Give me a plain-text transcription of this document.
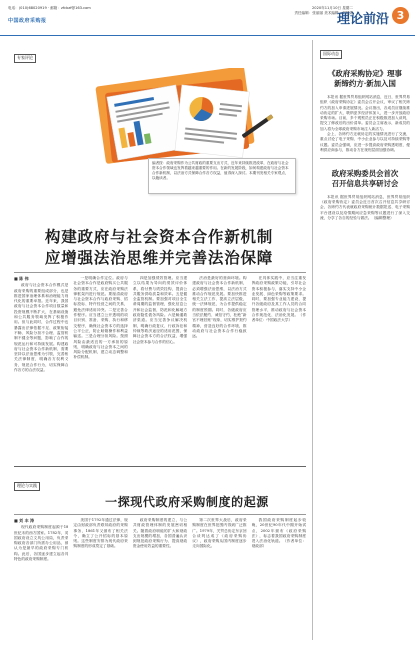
电话：(010)68020919 · 邮箱：zfcbzf@163.com
中国政府采购报
2020年11月10日 星期二
责任编辑：张丽丽 美术编辑：刘媛媛
理论前沿 3
专家评论
编者按：政府采购作为公共财政的重要支出方式，近年来持续推进改革，在政府与社会资本合作领域也发挥着越来越重要的作用。在新的发展阶段，如何构建政府与社会资本合作新机制，以法治方式保障合作各方权益，值得深入探讨。本期刊发相关专家观点，以飨读者。
构建政府与社会资本合作新机制
应增强法治思维并完善法治保障
■ 陈 伟

政府与社会资本合作模式是政府采购的重要组成部分，也是推进国家治理体系和治理能力现代化的重要举措。近年来，我国政府与社会资本合作项目数量和投资规模不断扩大，在基础设施和公共服务领域发挥了积极作用。但与此同时，合作过程中也暴露出法律依据不足、政策衔接不畅、风险分担不合理、监管机制不健全等问题，影响了合作的规范运行和可持续发展。构建政府与社会资本合作新机制，需要坚持以法治思维为引领，完善相关法律制度，明确各方权利义务，规范合作行为，切实保障合作各方的合法权益。

一是明确合作定位。政府与社会资本合作是政府购买公共服务的重要方式，应在政府采购法律框架内进行规范。要厘清政府与社会资本合作与政府采购、招标投标、特许经营之间的关系，避免法律适用冲突。二是完善合作程序。应当建立公开透明的项目识别、准备、采购、执行和移交程序，确保社会资本方的选择公平公正，防止暗箱操作和利益输送。三是合理分担风险。按照风险由最适宜的一方承担的原则，明确政府与社会资本之间的风险分配机制，建立动态调整和补偿机制。

四是加强绩效管理。应当建立以结果为导向的绩效评价体系，将付费与绩效挂钩，提高公共服务供给质量和效率。五是健全监管机制。要加强对项目全生命周期的监督管理，强化信息公开和社会监督，防范和化解地方政府隐性债务风险。六是畅通救济渠道。应当完善争议解决机制，明确行政复议、行政诉讼和仲裁等救济途径的适用范围，保障社会资本方的合法权益，增强社会资本参与合作的信心。

法治是最好的营商环境。构建政府与社会资本合作新机制，必须增强法治思维，以法治方式推动合作规范发展。要加快推进相关立法工作，提高立法层级，统一法律规范，为合作提供稳定的制度预期。同时，各级政府应当依法履约、诚信守约，杜绝“新官不理旧账”现象，切实维护契约精神，营造良好的合作环境，推动政府与社会资本合作行稳致远。

在具体实践中，应当注重发挥政府采购政策功能，引导社会资本积极参与，落实支持中小企业发展、绿色采购等政策要求。同时，要加强专业能力建设，提升各级政府及其工作人员的合同管理水平，推动政府与社会资本合作规范化、法治化发展。（作者单位：中国政法大学）

理论与实践
一探现代政府采购制度的起源
■ 刘 丰 涛

现代政府采购制度起源于18世纪末的西方国家。1782年，英国政府设立文具公用局，负责采购政府各部门所需办公用品，被认为是最早的政府采购专门机构。此后，各国逐步建立起各具特色的政府采购制度。

美国于1792年通过法律，规定由财政部负责联邦政府的采购事务，1861年又颁布了相关法令，确立了公开招标的基本原则。这些制度安排为现代政府采购制度的形成奠定了基础。

政府采购制度的建立，与公共财政管理体制的发展密切相关。随着政府职能的扩大和财政支出规模的增加，各国普遍认识到规范政府采购行为、提高财政资金使用效益的重要性。

第二次世界大战后，政府采购制度在世界范围内得到广泛推广。1979年，关贸总协定东京回合谈判达成了《政府采购协议》，政府采购从国内制度逐步走向国际化。

我国政府采购制度起步较晚，20世纪90年代中期开始试点，2002年颁布《政府采购法》，标志着我国政府采购制度进入法治化轨道。（作者单位：财政部）

国际动态
《政府采购协定》理事
新缔约方·新加入国

本报讯 据世界贸易组织网站消息，近日，世界贸易组织《政府采购协定》委员会召开会议，审议了相关缔约方的加入申请进展情况。会议指出，各成员应继续推动协定的扩大，吸纳更多经济体加入，进一步开放政府采购市场。目前，多个观察员正在积极推进加入谈判，提交了修改后的出价清单。委员会主席表示，新成员的加入将为全球政府采购市场注入新活力。

会上，各缔约方还就协定的实施情况进行了交流，重点讨论了电子采购、中小企业参与以及可持续采购等议题。委员会强调，应进一步提高政府采购透明度，便利供应商参与，推动各方在规则层面加强协调。

政府采购委员会首次
召开信息共享研讨会

本报讯 据世界贸易组织网站消息，世界贸易组织《政府采购协定》委员会近日首次召开信息共享研讨会，各缔约方代表就政府采购统计数据报送、电子采购平台建设以及疫情期间应急采购等议题进行了深入交流，分享了各自的经验与做法。（编辑整理）
